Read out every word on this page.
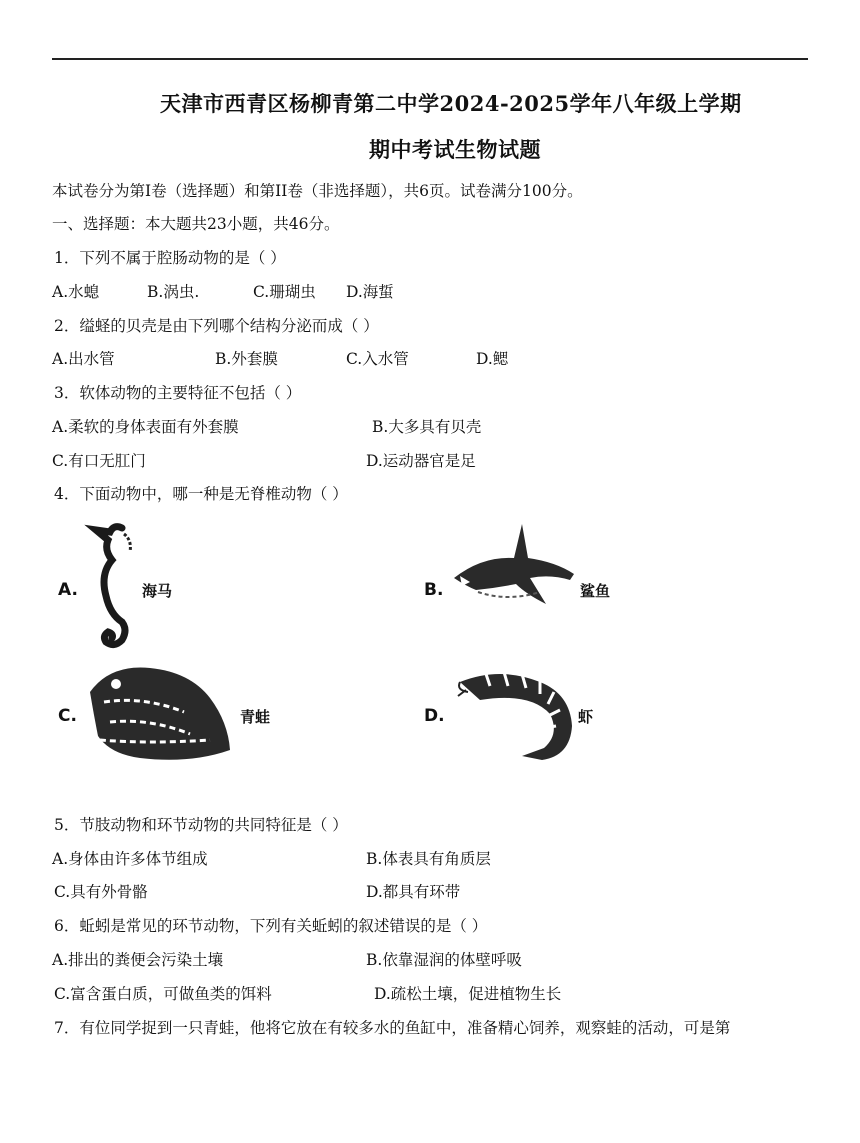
天津市西青区杨柳青第二中学2024-2025学年八年级上学期
期中考试生物试题
本试卷分为第I卷（选择题）和第II卷（非选择题），共6页。试卷满分100分。
一、选择题：本大题共23小题，共46分。
1．下列不属于腔肠动物的是（ ）
A.水螅	B.涡虫.	C.珊瑚虫 D.海蜇
2．缢蛏的贝壳是由下列哪个结构分泌而成（ ）
A.出水管	B.外套膜	C.入水管	D.鳃
3．软体动物的主要特征不包括（ ）
A.柔软的身体表面有外套膜	B.大多具有贝壳
C.有口无肛门	D.运动器官是足
4．下面动物中，哪一种是无脊椎动物（ ）
A.	海马	B.	鲨鱼
C.	青蛙	D.	虾
5．节肢动物和环节动物的共同特征是（ ）
A.身体由许多体节组成	B.体表具有角质层
C.具有外骨骼	D.都具有环带
6．蚯蚓是常见的环节动物，下列有关蚯蚓的叙述错误的是（ ）
A.排出的粪便会污染土壤	B.依靠湿润的体壁呼吸
C.富含蛋白质，可做鱼类的饵料	D.疏松土壤，促进植物生长
7．有位同学捉到一只青蛙，他将它放在有较多水的鱼缸中，准备精心饲养，观察蛙的活动，可是第
